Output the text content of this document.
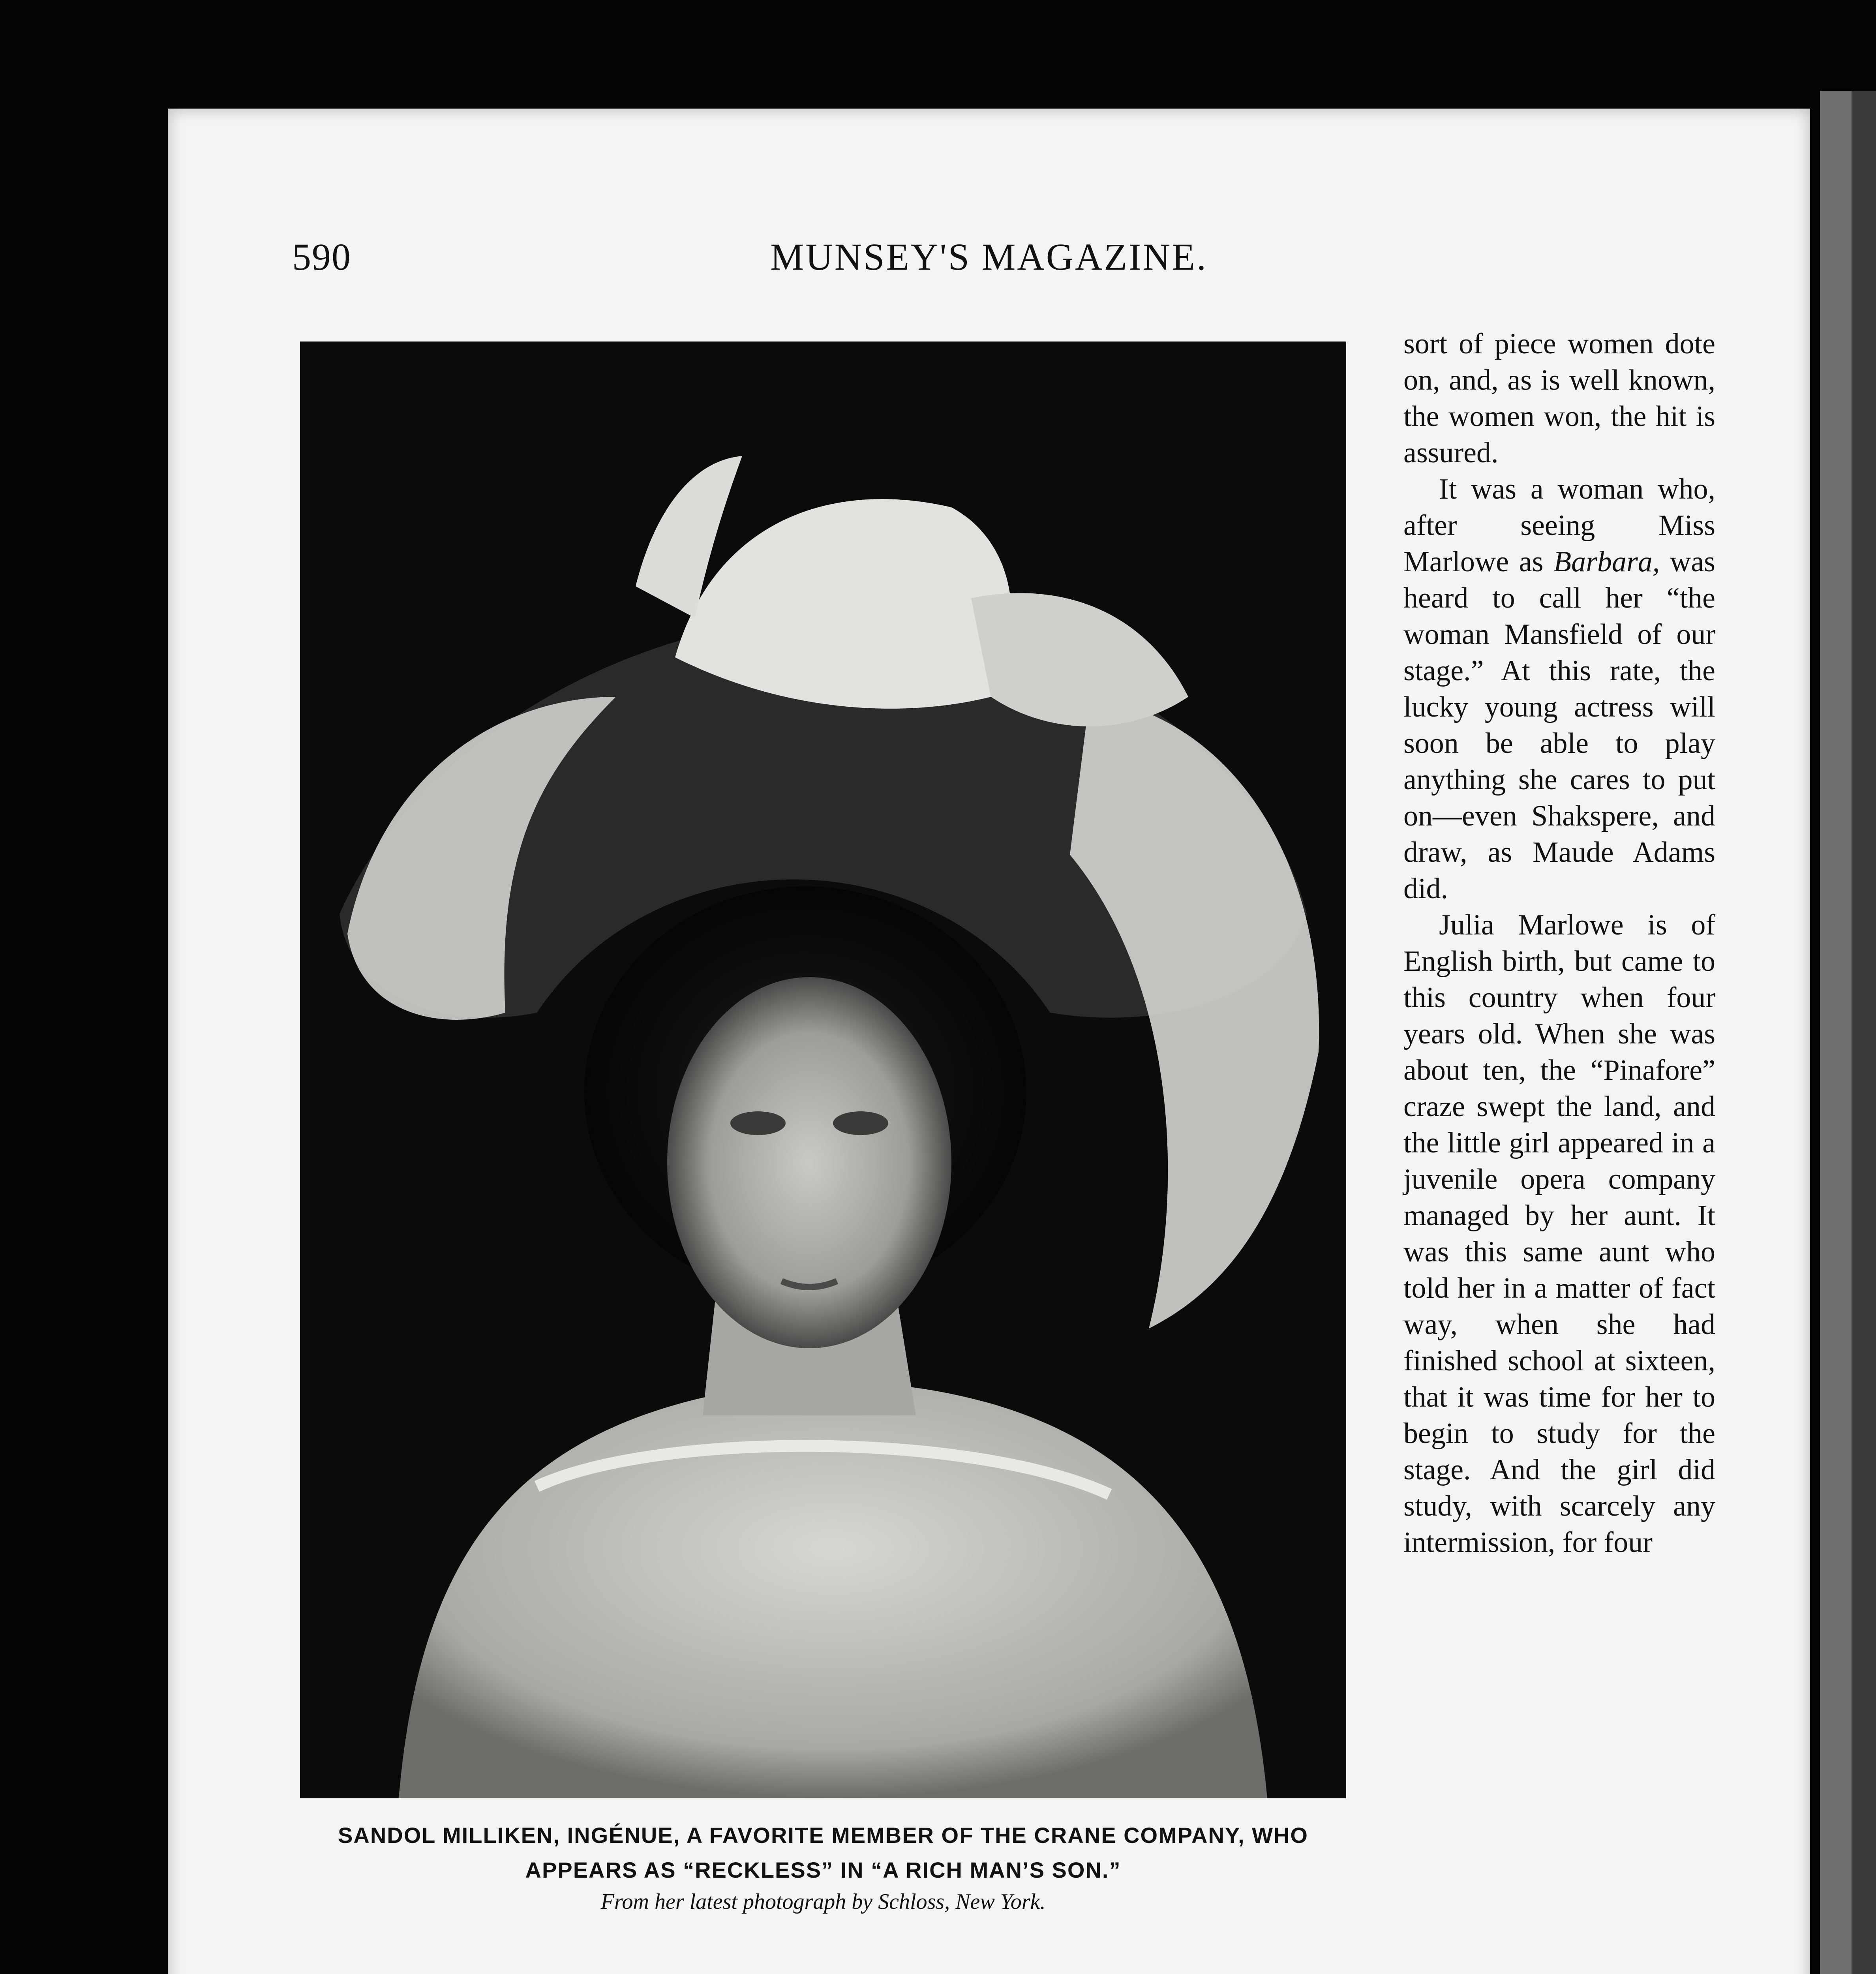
590	MUNSEY'S MAGAZINE.
SANDOL MILLIKEN, INGÉNUE, A FAVORITE MEMBER OF THE CRANE COMPANY, WHO
APPEARS AS “RECKLESS” IN “A RICH MAN’S SON.”
From her latest photograph by Schloss, New York.

sort of piece women dote on, and, as is well known, the women won, the hit is assured.

It was a woman who, after seeing Miss Marlowe as Barbara, was heard to call her “the woman Mansfield of our stage.” At this rate, the lucky young actress will soon be able to play anything she cares to put on—even Shakspere, and draw, as Maude Adams did.

Julia Marlowe is of English birth, but came to this country when four years old. When she was about ten, the “Pinafore” craze swept the land, and the little girl appeared in a juvenile opera company managed by her aunt. It was this same aunt who told her in a matter of fact way, when she had finished school at sixteen, that it was time for her to begin to study for the stage. And the girl did study, with scarcely any intermission, for four
